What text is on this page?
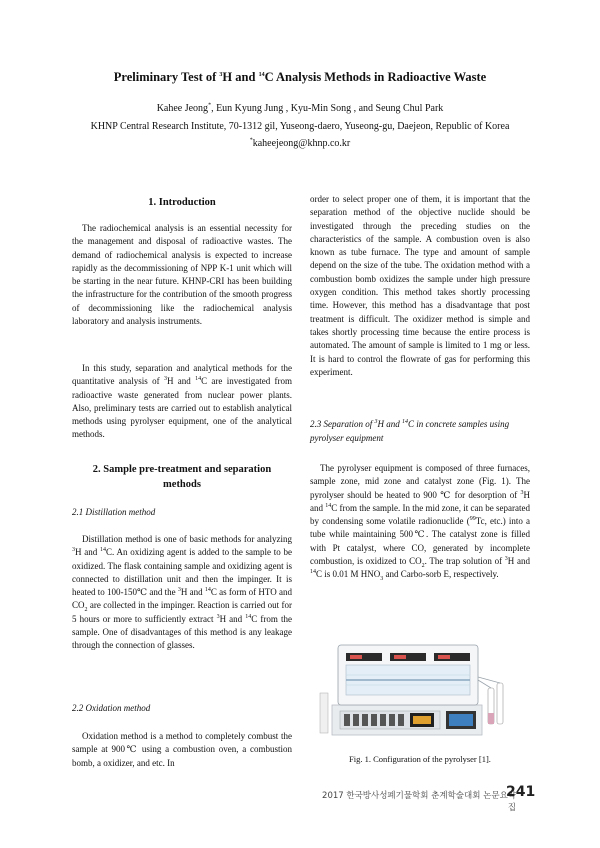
Preliminary Test of $^3$H and $^{14}$C Analysis Methods in Radioactive Waste
Kahee Jeong*, Eun Kyung Jung , Kyu-Min Song , and Seung Chul Park
KHNP Central Research Institute, 70-1312 gil, Yuseong-daero, Yuseong-gu, Daejeon, Republic of Korea
*kaheejeong@khnp.co.kr
1. Introduction

The radiochemical analysis is an essential necessity for the management and disposal of radioactive wastes. The demand of radiochemical analysis is expected to increase rapidly as the decommissioning of NPP K-1 unit which will be starting in the near future. KHNP-CRI has been building the infrastructure for the contribution of the smooth progress of decommissioning like the radiochemical analysis laboratory and analysis instruments.

In this study, separation and analytical methods for the quantitative analysis of $^3$H and $^{14}$C are investigated from radioactive waste generated from nuclear power plants. Also, preliminary tests are carried out to establish analytical methods using pyrolyser equipment, one of the analytical methods.

2. Sample pre-treatment and separation
methods
2.1 Distillation method

Distillation method is one of basic methods for analyzing $^3$H and $^{14}$C. An oxidizing agent is added to the sample to be oxidized. The flask containing sample and oxidizing agent is connected to distillation unit and then the impinger. It is heated to 100-150℃ and the $^3$H and $^{14}$C as form of HTO and $CO_2$ are collected in the impinger. Reaction is carried out for 5 hours or more to sufficiently extract $^3$H and $^{14}$C from the sample. One of disadvantages of this method is any leakage through the connection of glasses.

2.2 Oxidation method

Oxidation method is a method to completely combust the sample at 900℃ using a combustion oven, a combustion bomb, a oxidizer, and etc. In

order to select proper one of them, it is important that the separation method of the objective nuclide should be investigated through the preceding studies on the characteristics of the sample. A combustion oven is also known as tube furnace. The type and amount of sample depend on the size of the tube. The oxidation method with a combustion bomb oxidizes the sample under high pressure oxygen condition. This method takes shortly processing time. However, this method has a disadvantage that post treatment is difficult. The oxidizer method is simple and takes shortly processing time because the entire process is automated. The amount of sample is limited to 1 mg or less. It is hard to control the flowrate of gas for performing this experiment.

2.3 Separation of $^3$H and $^{14}$C in concrete samples using pyrolyser equipment

The pyrolyser equipment is composed of three furnaces, sample zone, mid zone and catalyst zone (Fig. 1). The pyrolyser should be heated to 900 ℃ for desorption of $^3$H and $^{14}$C from the sample. In the mid zone, it can be separated by condensing some volatile radionuclide ($^{99}$Tc, etc.) into a tube while maintaining 500℃. The catalyst zone is filled with Pt catalyst, where CO, generated by incomplete combustion, is oxidized to $CO_2$. The trap solution of $^3$H and $^{14}$C is 0.01 M $HNO_3$ and Carbo-sorb E, respectively.

Fig. 1. Configuration of the pyrolyser [1].
2017 한국방사성폐기물학회 춘계학술대회 논문요약집
241
